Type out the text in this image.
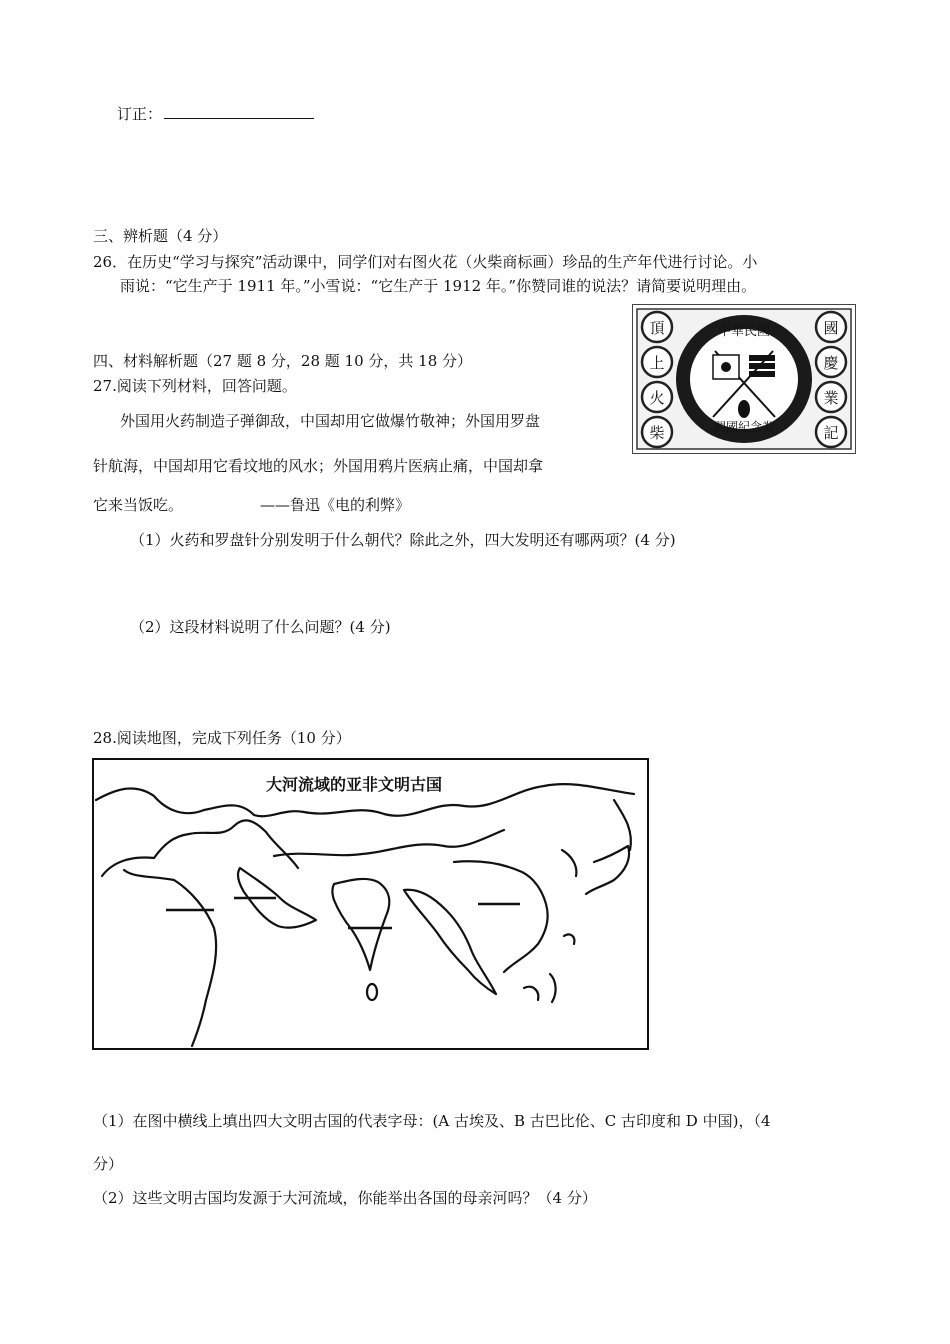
订正：
三、辨析题（4 分）
26．在历史“学习与探究”活动课中，同学们对右图火花（火柴商标画）珍品的生产年代进行讨论。小
雨说：“它生产于 1911 年。”小雪说：“它生产于 1912 年。”你赞同谁的说法？请简要说明理由。
頂
上
火
柴
國
慶
業
記
中華民國
開國紀念券
四、材料解析题（27 题 8 分，28 题 10 分，共 18 分）
27.阅读下列材料，回答问题。
外国用火药制造子弹御敌，中国却用它做爆竹敬神；外国用罗盘
针航海，中国却用它看坟地的风水；外国用鸦片医病止痛，中国却拿
它来当饭吃。	——鲁迅《电的利弊》
（1）火药和罗盘针分别发明于什么朝代？除此之外，四大发明还有哪两项？(4 分)
（2）这段材料说明了什么问题？(4 分)
28.阅读地图，完成下列任务（10 分）
大河流域的亚非文明古国
（1）在图中横线上填出四大文明古国的代表字母：(A 古埃及、B 古巴比伦、C 古印度和 D 中国)，（4
分）
（2）这些文明古国均发源于大河流域，你能举出各国的母亲河吗？（4 分）
